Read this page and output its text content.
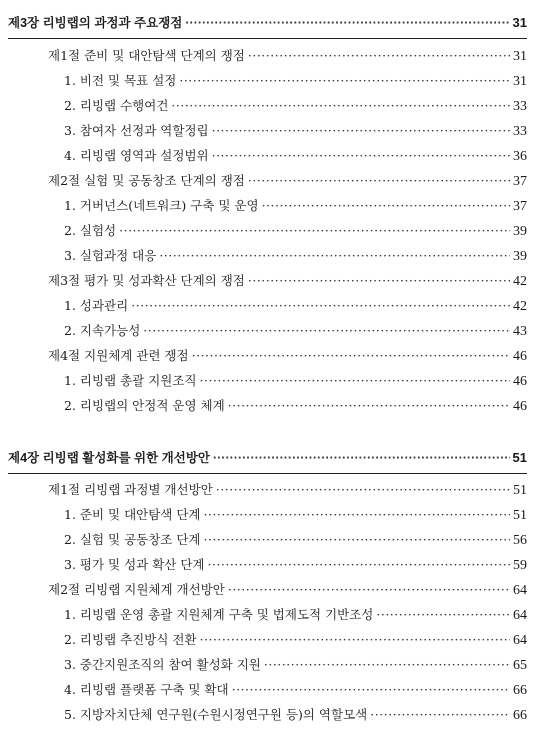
제3장 리빙랩의 과정과 주요쟁점 ·····	31
제1절 준비 및 대안탐색 단계의 쟁점 ·····	31
1. 비전 및 목표 설정 ·····	31
2. 리빙랩 수행여건 ·····	33
3. 참여자 선정과 역할정립 ·····	33
4. 리빙랩 영역과 설정범위 ·····	36
제2절 실험 및 공동창조 단계의 쟁점 ·····	37
1. 거버넌스(네트워크) 구축 및 운영 ·····	37
2. 실험성 ·····	39
3. 실험과정 대응 ·····	39
제3절 평가 및 성과확산 단계의 쟁점 ·····	42
1. 성과관리 ·····	42
2. 지속가능성 ·····	43
제4절 지원체계 관련 쟁점 ·····	46
1. 리빙랩 총괄 지원조직 ·····	46
2. 리빙랩의 안정적 운영 체계 ·····	46
제4장 리빙랩 활성화를 위한 개선방안 ·····	51
제1절 리빙랩 과정별 개선방안 ·····	51
1. 준비 및 대안탐색 단계 ·····	51
2. 실험 및 공동창조 단계 ·····	56
3. 평가 및 성과 확산 단계 ·····	59
제2절 리빙랩 지원체계 개선방안 ·····	64
1. 리빙랩 운영 총괄 지원체계 구축 및 법제도적 기반조성 ·····	64
2. 리빙랩 추진방식 전환 ·····	64
3. 중간지원조직의 참여 활성화 지원 ·····	65
4. 리빙랩 플랫폼 구축 및 확대 ·····	66
5. 지방자치단체 연구원(수원시정연구원 등)의 역할모색 ·····	66
